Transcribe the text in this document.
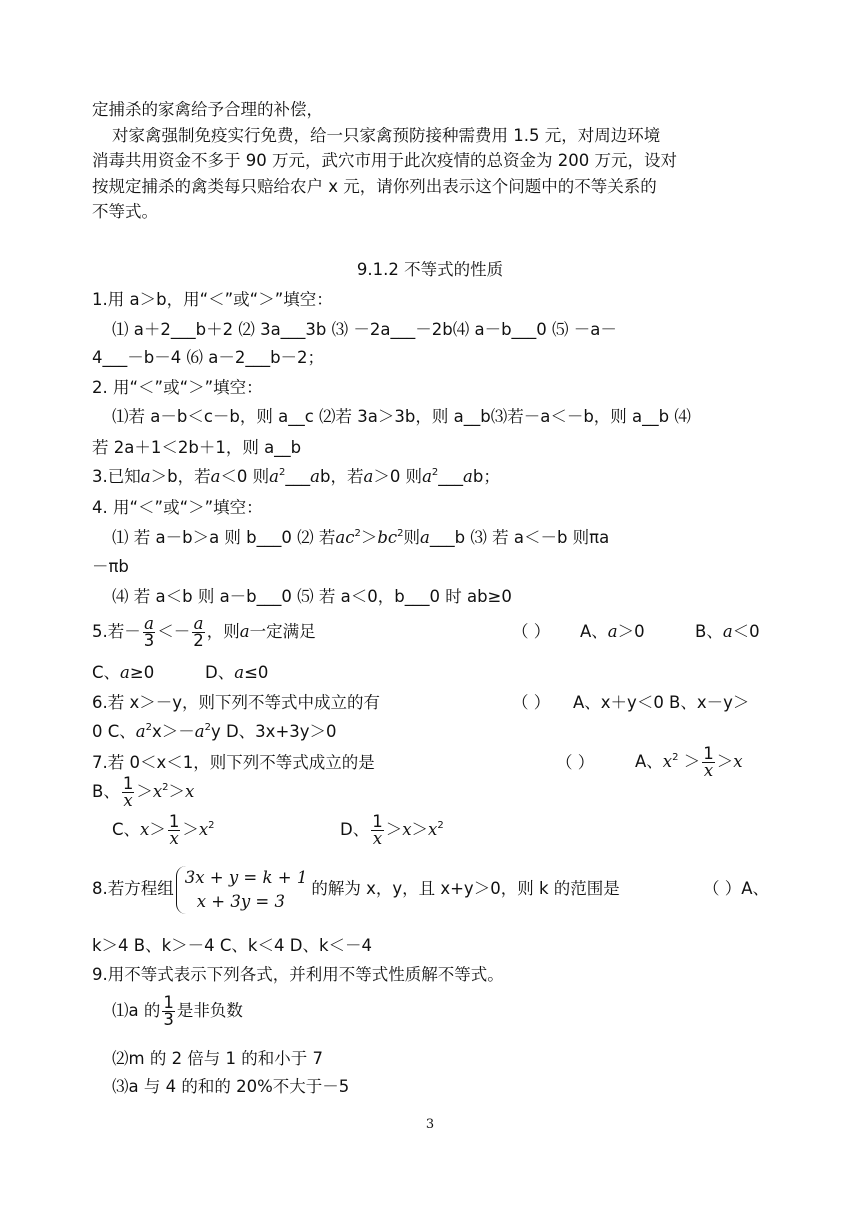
定捕杀的家禽给予合理的补偿，
对家禽强制免疫实行免费，给一只家禽预防接种需费用 1.5 元，对周边环境
消毒共用资金不多于 90 万元，武穴市用于此次疫情的总资金为 200 万元，设对
按规定捕杀的禽类每只赔给农户 x 元，请你列出表示这个问题中的不等关系的
不等式。
9.1.2 不等式的性质
1.用 a＞b，用“＜”或“＞”填空：
⑴ a＋2___b＋2 ⑵ 3a___3b ⑶ －2a___－2b⑷ a－b___0 ⑸ －a－
4___－b－4 ⑹ a－2___b－2；
2. 用“＜”或“＞”填空：
⑴若 a－b＜c－b，则 a__c ⑵若 3a＞3b，则 a__b⑶若－a＜－b，则 a__b ⑷
若 2a＋1＜2b＋1，则 a__b
3.已知a＞b，若a＜0 则$a^2\_\_\_ab$，若a＞0 则$a^2\_\_\_ab$；
4. 用“＜”或“＞”填空：
⑴ 若 a－b＞a 则 b___0 ⑵ 若$ac^2>bc^2$则a___b ⑶ 若 a＜－b 则πa
－πb
⑷ 若 a＜b 则 a－b___0 ⑸ 若 a＜0，b___0 时 ab≥0
5.若－ $\frac{a}{3} <- \frac{a}{2}$ ，则a一定满足	（ ） A、a＞0	B、a＜0
C、a≥0	D、a≤0
6.若 x＞－y，则下列不等式中成立的有	（ ） A、x＋y＜0 B、x－y＞
0 C、$a^2x>-a^2y$ D、3x+3y＞0
7.若 0＜x＜1，则下列不等式成立的是	（ ） A、$x^2 > \frac{1}{x} >x$
B、 $\frac{1}{x} >x^2>x$
C、$x> \frac{1}{x} >x^2$	D、 $\frac{1}{x} >x>x^2$
8.若方程组
3x + y = k + 1
x + 3y = 3
的解为 x，y，且 x+y＞0，则 k 的范围是	（ ）A、
k＞4 B、k＞－4 C、k＜4 D、k＜－4
9.用不等式表示下列各式，并利用不等式性质解不等式。
⑴a 的 $\frac{1}{3}$ 是非负数
⑵m 的 2 倍与 1 的和小于 7
⑶a 与 4 的和的 20%不大于－5
3
